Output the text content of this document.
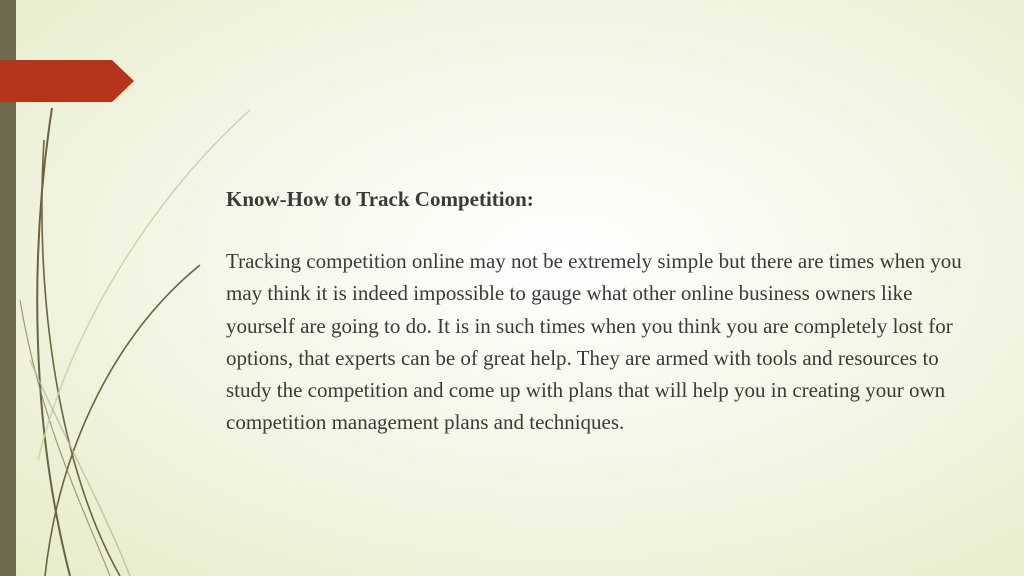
Know-How to Track Competition:

Tracking competition online may not be extremely simple but there are times when you may think it is indeed impossible to gauge what other online business owners like yourself are going to do. It is in such times when you think you are completely lost for options, that experts can be of great help. They are armed with tools and resources to study the competition and come up with plans that will help you in creating your own competition management plans and techniques.
